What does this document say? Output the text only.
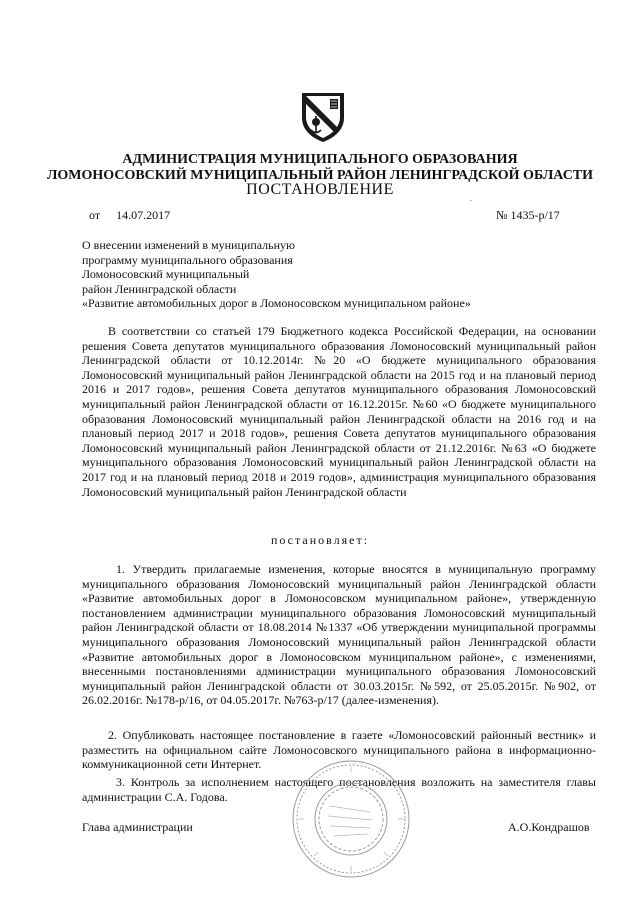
АДМИНИСТРАЦИЯ МУНИЦИПАЛЬНОГО ОБРАЗОВАНИЯ
ЛОМОНОСОВСКИЙ МУНИЦИПАЛЬНЫЙ РАЙОН ЛЕНИНГРАДСКОЙ ОБЛАСТИ
ПОСТАНОВЛЕНИЕ
от 14.07.2017	№ 1435-р/17
О внесении изменений в муниципальную
программу муниципального образования
Ломоносовский муниципальный
район Ленинградской области
«Развитие автомобильных дорог в Ломоносовском муниципальном районе»
В соответствии со статьей 179 Бюджетного кодекса Российской Федерации, на основании решения Совета депутатов муниципального образования Ломоносовский муниципальный район Ленинградской области от 10.12.2014г. №20 «О бюджете муниципального образования Ломоносовский муниципальный район Ленинградской области на 2015 год и на плановый период 2016 и 2017 годов», решения Совета депутатов муниципального образования Ломоносовский муниципальный район Ленинградской области от 16.12.2015г. №60 «О бюджете муниципального образования Ломоносовский муниципальный район Ленинградской области на 2016 год и на плановый период 2017 и 2018 годов», решения Совета депутатов муниципального образования Ломоносовский муниципальный район Ленинградской области от 21.12.2016г. №63 «О бюджете муниципального образования Ломоносовский муниципальный район Ленинградской области на 2017 год и на плановый период 2018 и 2019 годов», администрация муниципального образования Ломоносовский муниципальный район Ленинградской области
постановляет:
1. Утвердить прилагаемые изменения, которые вносятся в муниципальную программу муниципального образования Ломоносовский муниципальный район Ленинградской области «Развитие автомобильных дорог в Ломоносовском муниципальном районе», утвержденную постановлением администрации муниципального образования Ломоносовский муниципальный район Ленинградской области от 18.08.2014 №1337 «Об утверждении муниципальной программы муниципального образования Ломоносовский муниципальный район Ленинградской области «Развитие автомобильных дорог в Ломоносовском муниципальном районе», с изменениями, внесенными постановлениями администрации муниципального образования Ломоносовский муниципальный район Ленинградской области от 30.03.2015г. №592, от 25.05.2015г. №902, от 26.02.2016г. №178-р/16, от 04.05.2017г. №763-р/17 (далее-изменения).
2. Опубликовать настоящее постановление в газете «Ломоносовский районный вестник» и разместить на официальном сайте Ломоносовского муниципального района в информационно-коммуникационной сети Интернет.
3. Контроль за исполнением настоящего постановления возложить на заместителя главы администрации С.А. Годова.
Глава администрации	А.О.Кондрашов
